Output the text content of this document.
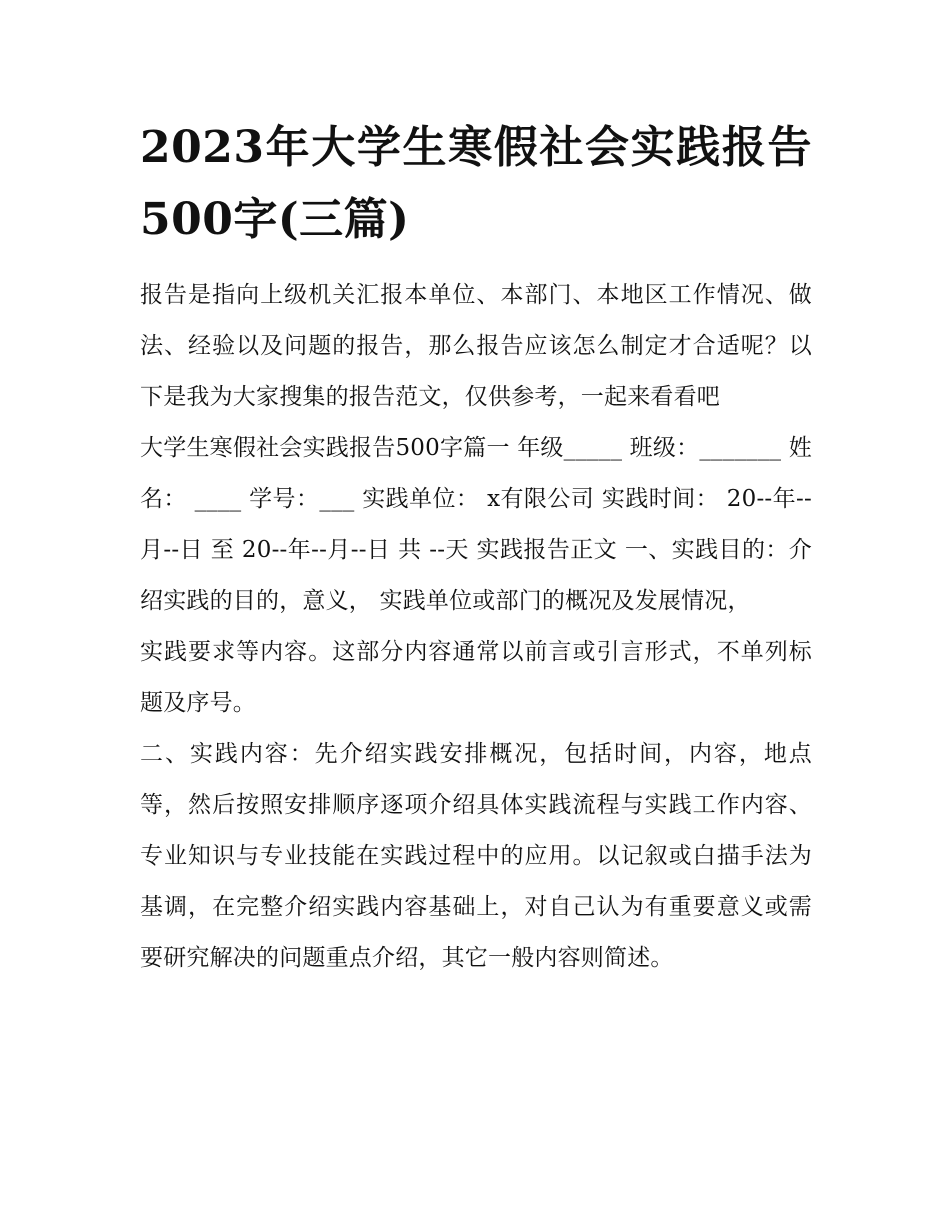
2023年大学生寒假社会实践报告500字(三篇)

报告是指向上级机关汇报本单位、本部门、本地区工作情况、做法、经验以及问题的报告，那么报告应该怎么制定才合适呢？以下是我为大家搜集的报告范文，仅供参考，一起来看看吧

大学生寒假社会实践报告500字篇一 年级_____ 班级：_______ 姓名： ____ 学号：___ 实践单位： x有限公司 实践时间： 20--年--月--日 至 20--年--月--日 共 --天 实践报告正文 一、实践目的：介绍实践的目的，意义， 实践单位或部门的概况及发展情况，

实践要求等内容。这部分内容通常以前言或引言形式，不单列标题及序号。

二、实践内容：先介绍实践安排概况，包括时间，内容，地点等，然后按照安排顺序逐项介绍具体实践流程与实践工作内容、专业知识与专业技能在实践过程中的应用。以记叙或白描手法为基调，在完整介绍实践内容基础上，对自己认为有重要意义或需要研究解决的问题重点介绍，其它一般内容则简述。
